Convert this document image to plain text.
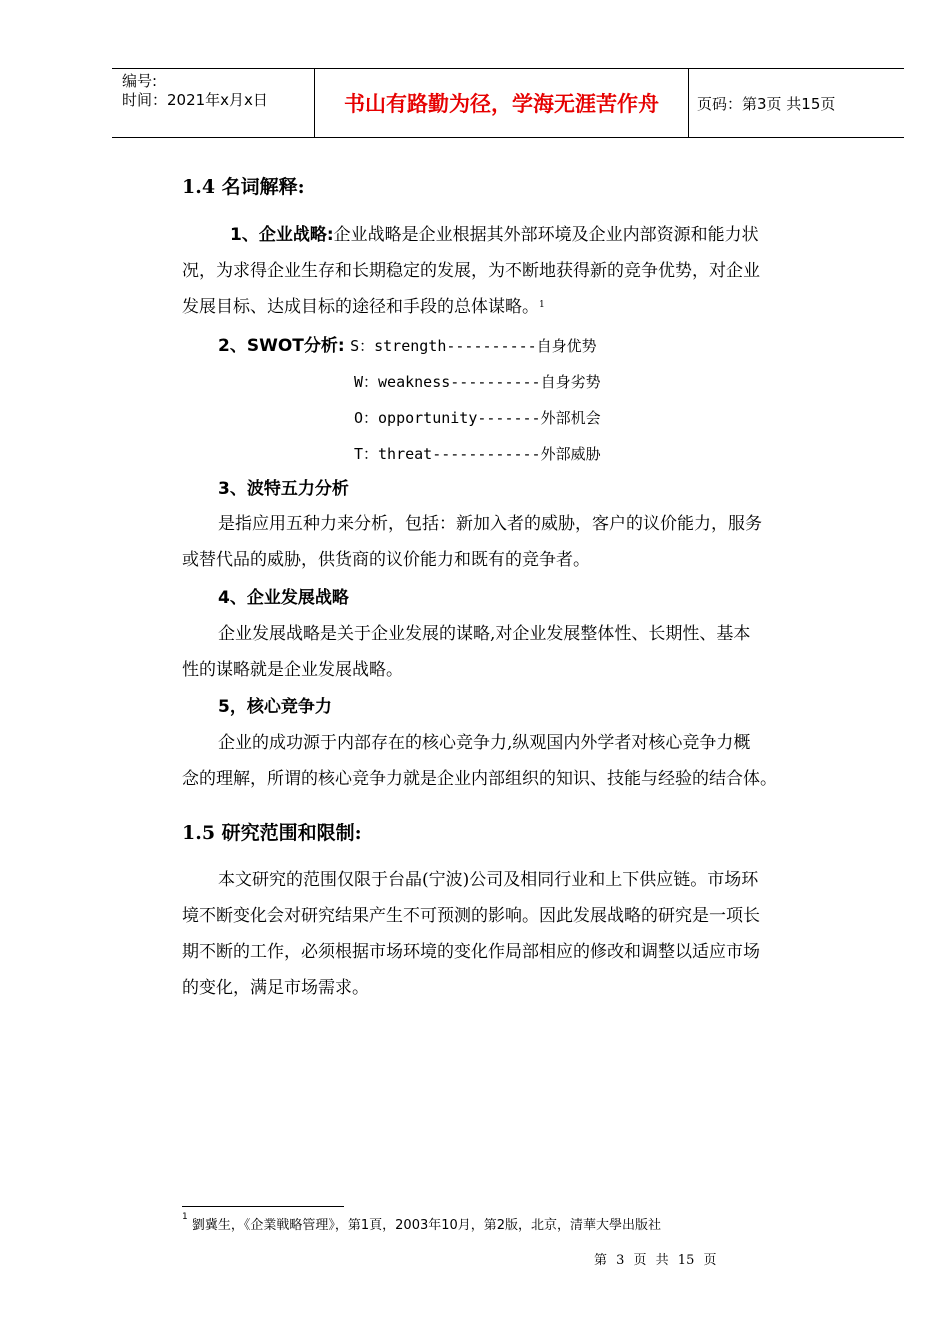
编号:
时间：2021年x月x日	书山有路勤为径，学海无涯苦作舟	页码：第3页 共15页
1.4 名词解释:
1、企业战略:企业战略是企业根据其外部环境及企业内部资源和能力状
况，为求得企业生存和长期稳定的发展，为不断地获得新的竞争优势，对企业
发展目标、达成目标的途径和手段的总体谋略。$^1$
2、SWOT分析: S：strength----------自身优势
W：weakness----------自身劣势
O：opportunity-------外部机会
T：threat------------外部威胁
3、波特五力分析
是指应用五种力来分析，包括：新加入者的威胁，客户的议价能力，服务
或替代品的威胁，供货商的议价能力和既有的竞争者。
4、企业发展战略
企业发展战略是关于企业发展的谋略,对企业发展整体性、长期性、基本
性的谋略就是企业发展战略。
5，核心竞争力
企业的成功源于内部存在的核心竞争力,纵观国内外学者对核心竞争力概
念的理解，所谓的核心竞争力就是企业内部组织的知识、技能与经验的结合体。
1.5 研究范围和限制:
本文研究的范围仅限于台晶(宁波)公司及相同行业和上下供应链。市场环
境不断变化会对研究结果产生不可预测的影响。因此发展战略的研究是一项长
期不断的工作，必须根据市场环境的变化作局部相应的修改和调整以适应市场
的变化，满足市场需求。
$^1$ 劉冀生，《企業戦略管理》，第1頁，2003年10月，第2版，北京，清華大學出版社
第 3 页 共 15 页
